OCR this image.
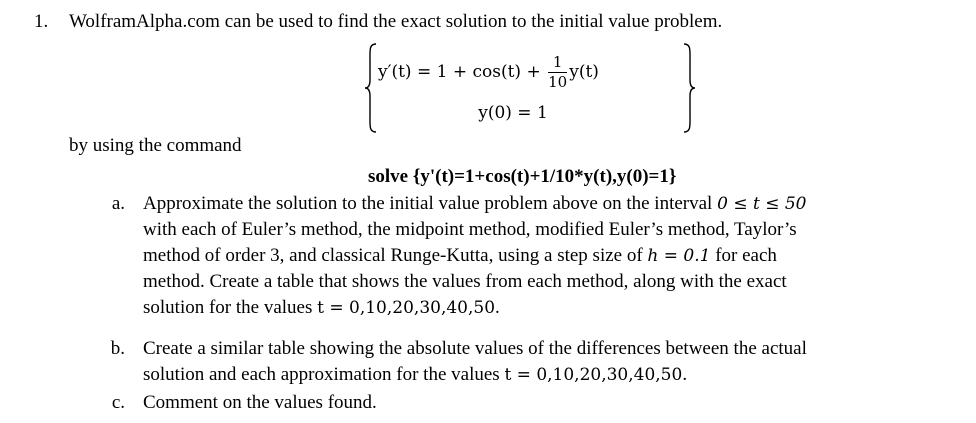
1. WolframAlpha.com can be used to find the exact solution to the initial value problem.
$y'(t) = 1 + \cos(t) + \frac{1}{10} y(t)$
y(0) = 1
by using the command
solve {y'(t)=1+cos(t)+1/10*y(t),y(0)=1}
a. Approximate the solution to the initial value problem above on the interval 0 ≤ t ≤ 50
with each of Euler’s method, the midpoint method, modified Euler’s method, Taylor’s
method of order 3, and classical Runge-Kutta, using a step size of h = 0.1 for each
method. Create a table that shows the values from each method, along with the exact
solution for the values t = 0,10,20,30,40,50.
b. Create a similar table showing the absolute values of the differences between the actual
solution and each approximation for the values t = 0,10,20,30,40,50.
c. Comment on the values found.
